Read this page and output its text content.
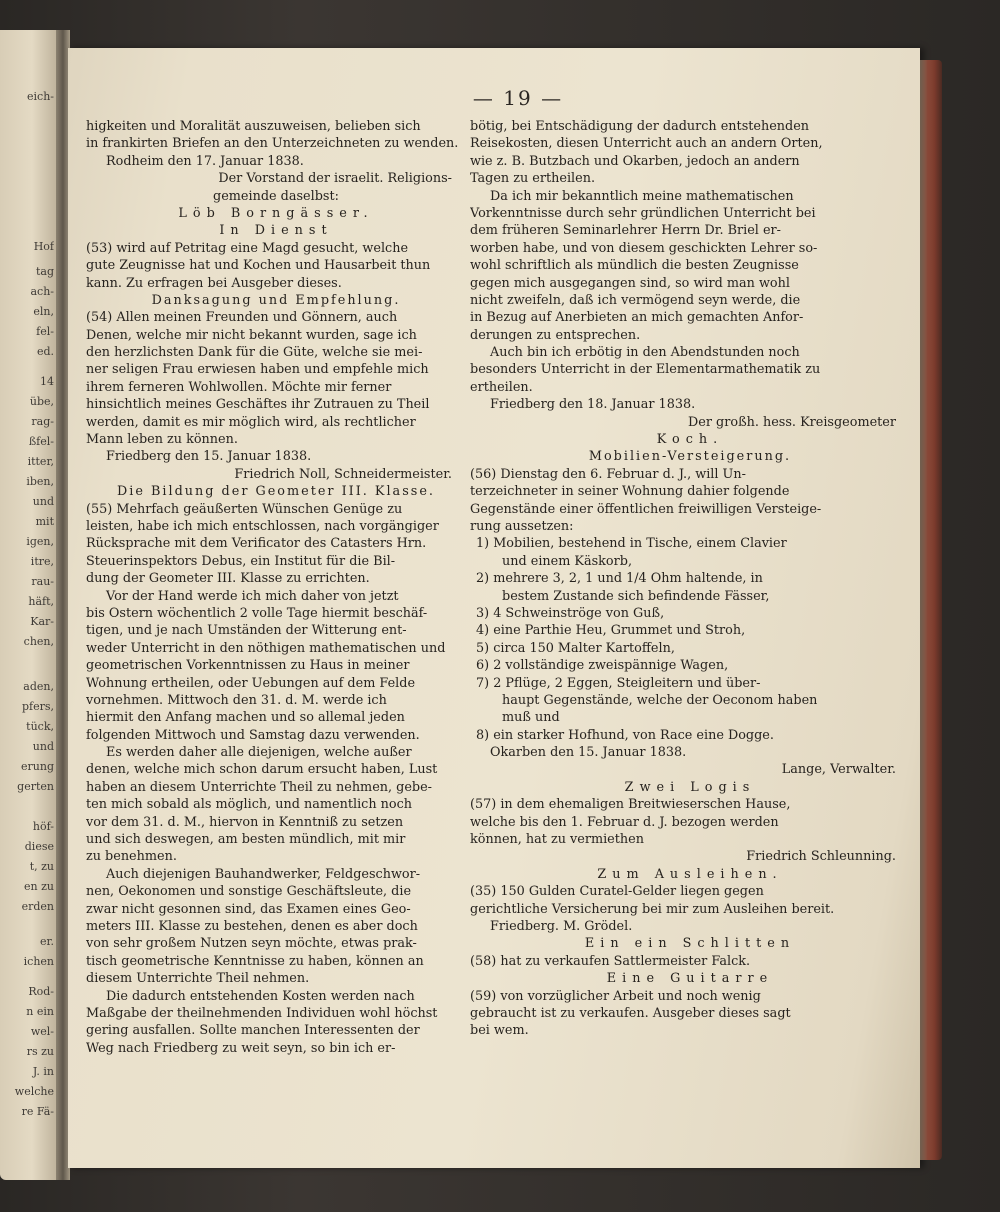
eich-
Hof
tag
ach-
eln,
fel-
ed.
14
übe,
rag-
ßfel-
itter,
iben,
und
mit
igen,
itre,
rau-
häft,
Kar-
chen,
aden,
pfers,
tück,
und
erung
gerten
höf-
diese
t, zu
en zu
erden
er.
ichen
Rod-
n ein
wel-
rs zu
J. in
welche
re Fä-
— 19 —
higkeiten und Moralität auszuweisen, belieben sich
in frankirten Briefen an den Unterzeichneten zu wenden.
Rodheim den 17. Januar 1838.
Der Vorstand der israelit. Religions-
gemeinde daselbst:
Löb Borngässer.
In Dienst
(53) wird auf Petritag eine Magd gesucht, welche
gute Zeugnisse hat und Kochen und Hausarbeit thun
kann. Zu erfragen bei Ausgeber dieses.
Danksagung und Empfehlung.
(54) Allen meinen Freunden und Gönnern, auch
Denen, welche mir nicht bekannt wurden, sage ich
den herzlichsten Dank für die Güte, welche sie mei-
ner seligen Frau erwiesen haben und empfehle mich
ihrem ferneren Wohlwollen. Möchte mir ferner
hinsichtlich meines Geschäftes ihr Zutrauen zu Theil
werden, damit es mir möglich wird, als rechtlicher
Mann leben zu können.
Friedberg den 15. Januar 1838.
Friedrich Noll, Schneidermeister.
Die Bildung der Geometer III. Klasse.
(55) Mehrfach geäußerten Wünschen Genüge zu
leisten, habe ich mich entschlossen, nach vorgängiger
Rücksprache mit dem Verificator des Catasters Hrn.
Steuerinspektors Debus, ein Institut für die Bil-
dung der Geometer III. Klasse zu errichten.
Vor der Hand werde ich mich daher von jetzt
bis Ostern wöchentlich 2 volle Tage hiermit beschäf-
tigen, und je nach Umständen der Witterung ent-
weder Unterricht in den nöthigen mathematischen und
geometrischen Vorkenntnissen zu Haus in meiner
Wohnung ertheilen, oder Uebungen auf dem Felde
vornehmen. Mittwoch den 31. d. M. werde ich
hiermit den Anfang machen und so allemal jeden
folgenden Mittwoch und Samstag dazu verwenden.
Es werden daher alle diejenigen, welche außer
denen, welche mich schon darum ersucht haben, Lust
haben an diesem Unterrichte Theil zu nehmen, gebe-
ten mich sobald als möglich, und namentlich noch
vor dem 31. d. M., hiervon in Kenntniß zu setzen
und sich deswegen, am besten mündlich, mit mir
zu benehmen.
Auch diejenigen Bauhandwerker, Feldgeschwor-
nen, Oekonomen und sonstige Geschäftsleute, die
zwar nicht gesonnen sind, das Examen eines Geo-
meters III. Klasse zu bestehen, denen es aber doch
von sehr großem Nutzen seyn möchte, etwas prak-
tisch geometrische Kenntnisse zu haben, können an
diesem Unterrichte Theil nehmen.
Die dadurch entstehenden Kosten werden nach
Maßgabe der theilnehmenden Individuen wohl höchst
gering ausfallen. Sollte manchen Interessenten der
Weg nach Friedberg zu weit seyn, so bin ich er-
bötig, bei Entschädigung der dadurch entstehenden
Reisekosten, diesen Unterricht auch an andern Orten,
wie z. B. Butzbach und Okarben, jedoch an andern
Tagen zu ertheilen.
Da ich mir bekanntlich meine mathematischen
Vorkenntnisse durch sehr gründlichen Unterricht bei
dem früheren Seminarlehrer Herrn Dr. Briel er-
worben habe, und von diesem geschickten Lehrer so-
wohl schriftlich als mündlich die besten Zeugnisse
gegen mich ausgegangen sind, so wird man wohl
nicht zweifeln, daß ich vermögend seyn werde, die
in Bezug auf Anerbieten an mich gemachten Anfor-
derungen zu entsprechen.
Auch bin ich erbötig in den Abendstunden noch
besonders Unterricht in der Elementarmathematik zu
ertheilen.
Friedberg den 18. Januar 1838.
Der großh. hess. Kreisgeometer
Koch.
Mobilien-Versteigerung.
(56) Dienstag den 6. Februar d. J., will Un-
terzeichneter in seiner Wohnung dahier folgende
Gegenstände einer öffentlichen freiwilligen Versteige-
rung aussetzen:
1) Mobilien, bestehend in Tische, einem Clavier
und einem Käskorb,
2) mehrere 3, 2, 1 und 1/4 Ohm haltende, in
bestem Zustande sich befindende Fässer,
3) 4 Schweinströge von Guß,
4) eine Parthie Heu, Grummet und Stroh,
5) circa 150 Malter Kartoffeln,
6) 2 vollständige zweispännige Wagen,
7) 2 Pflüge, 2 Eggen, Steigleitern und über-
haupt Gegenstände, welche der Oeconom haben
muß und
8) ein starker Hofhund, von Race eine Dogge.
Okarben den 15. Januar 1838.
Lange, Verwalter.
Zwei Logis
(57) in dem ehemaligen Breitwieserschen Hause,
welche bis den 1. Februar d. J. bezogen werden
können, hat zu vermiethen
Friedrich Schleunning.
Zum Ausleihen.
(35) 150 Gulden Curatel-Gelder liegen gegen
gerichtliche Versicherung bei mir zum Ausleihen bereit.
Friedberg. M. Grödel.
Ein ein Schlitten
(58) hat zu verkaufen Sattlermeister Falck.
Eine Guitarre
(59) von vorzüglicher Arbeit und noch wenig
gebraucht ist zu verkaufen. Ausgeber dieses sagt
bei wem.
